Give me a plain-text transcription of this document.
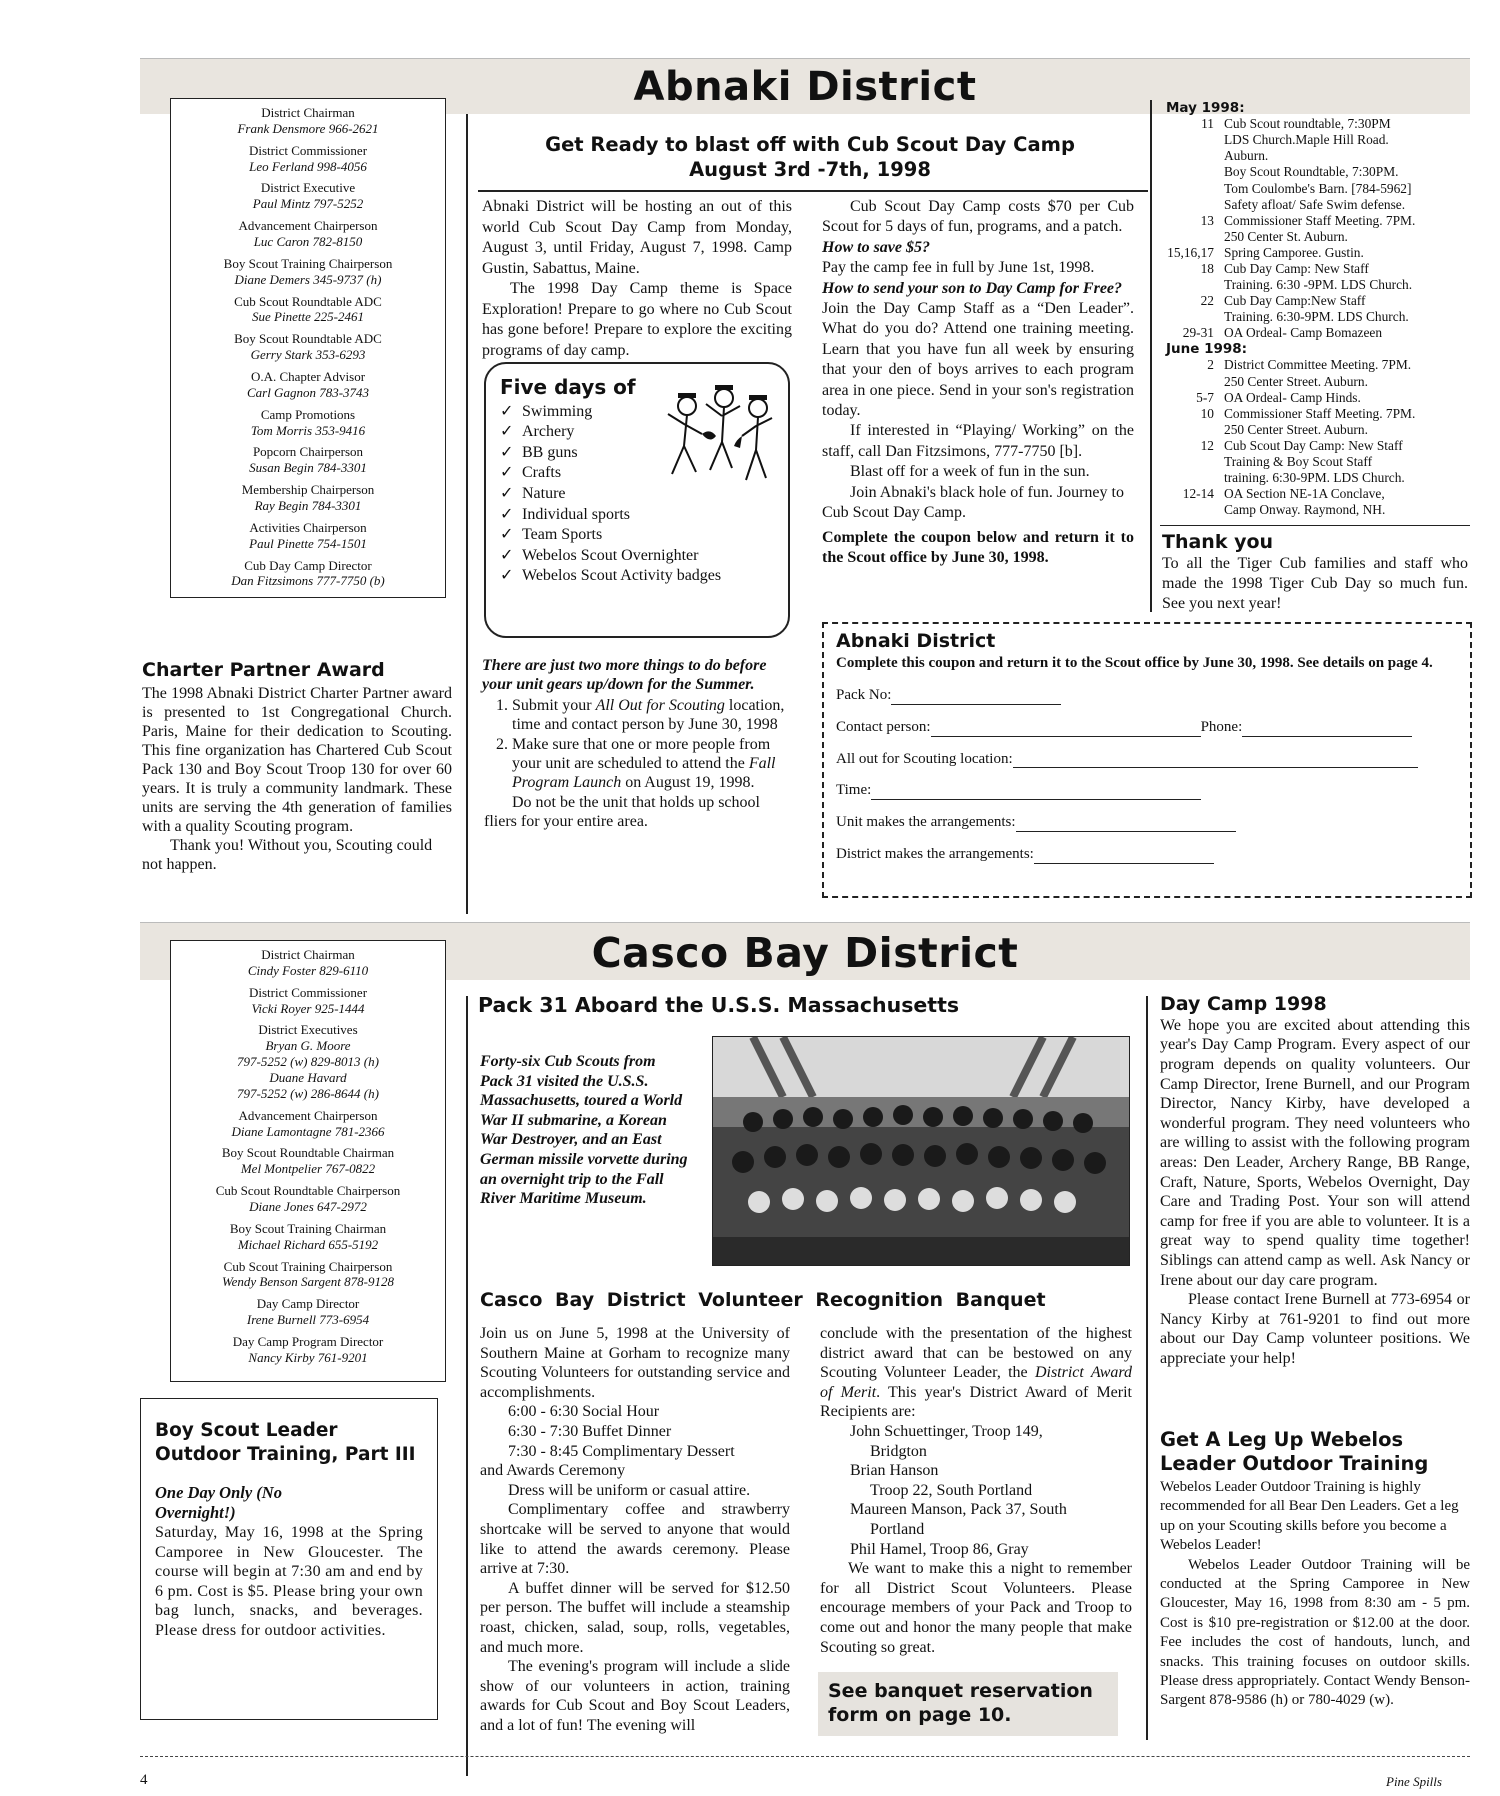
Abnaki District
District Chairman
Frank Densmore 966-2621
District Commissioner
Leo Ferland 998-4056
District Executive
Paul Mintz 797-5252
Advancement Chairperson
Luc Caron 782-8150
Boy Scout Training Chairperson
Diane Demers 345-9737 (h)
Cub Scout Roundtable ADC
Sue Pinette 225-2461
Boy Scout Roundtable ADC
Gerry Stark 353-6293
O.A. Chapter Advisor
Carl Gagnon 783-3743
Camp Promotions
Tom Morris 353-9416
Popcorn Chairperson
Susan Begin 784-3301
Membership Chairperson
Ray Begin 784-3301
Activities Chairperson
Paul Pinette 754-1501
Cub Day Camp Director
Dan Fitzsimons 777-7750 (b)
Charter Partner Award

The 1998 Abnaki District Charter Partner award is presented to 1st Congregational Church. Paris, Maine for their dedication to Scouting. This fine organization has Chartered Cub Scout Pack 130 and Boy Scout Troop 130 for over 60 years. It is truly a community landmark. These units are serving the 4th generation of families with a quality Scouting program.

Thank you! Without you, Scouting could not happen.

Get Ready to blast off with Cub Scout Day Camp
August 3rd -7th, 1998

Abnaki District will be hosting an out of this world Cub Scout Day Camp from Monday, August 3, until Friday, August 7, 1998. Camp Gustin, Sabattus, Maine.

The 1998 Day Camp theme is Space Exploration! Prepare to go where no Cub Scout has gone before! Prepare to explore the exciting programs of day camp.

Five days of
✓ Swimming
✓ Archery
✓ BB guns
✓ Crafts
✓ Nature
✓ Individual sports
✓ Team Sports
✓ Webelos Scout Overnighter
✓ Webelos Scout Activity badges

There are just two more things to do before your unit gears up/down for the Summer.

1. Submit your All Out for Scouting location, time and contact person by June 30, 1998
2. Make sure that one or more people from your unit are scheduled to attend the Fall Program Launch on August 19, 1998.

Do not be the unit that holds up school fliers for your entire area.

Cub Scout Day Camp costs $70 per Cub Scout for 5 days of fun, programs, and a patch.

How to save $5?

Pay the camp fee in full by June 1st, 1998.

How to send your son to Day Camp for Free?

Join the Day Camp Staff as a “Den Leader”. What do you do? Attend one training meeting. Learn that you have fun all week by ensuring that your den of boys arrives to each program area in one piece. Send in your son's registration today.

If interested in “Playing/ Working” on the staff, call Dan Fitzsimons, 777-7750 [b].

Blast off for a week of fun in the sun.

Join Abnaki's black hole of fun. Journey to Cub Scout Day Camp.

Complete the coupon below and return it to the Scout office by June 30, 1998.

May 1998:
11 Cub Scout roundtable, 7:30PM
LDS Church.Maple Hill Road.
Auburn.
Boy Scout Roundtable, 7:30PM.
Tom Coulombe's Barn. [784-5962]
Safety afloat/ Safe Swim defense.
13 Commissioner Staff Meeting. 7PM.
250 Center St. Auburn.
15,16,17 Spring Camporee. Gustin.
18 Cub Day Camp: New Staff
Training. 6:30 -9PM. LDS Church.
22 Cub Day Camp:New Staff
Training. 6:30-9PM. LDS Church.
29-31 OA Ordeal- Camp Bomazeen
June 1998:
2 District Committee Meeting. 7PM.
250 Center Street. Auburn.
5-7 OA Ordeal- Camp Hinds.
10 Commissioner Staff Meeting. 7PM.
250 Center Street. Auburn.
12 Cub Scout Day Camp: New Staff
Training & Boy Scout Staff
training. 6:30-9PM. LDS Church.
12-14 OA Section NE-1A Conclave,
Camp Onway. Raymond, NH.
Thank you

To all the Tiger Cub families and staff who made the 1998 Tiger Cub Day so much fun. See you next year!

Abnaki District
Complete this coupon and return it to the Scout office by June 30, 1998. See details on page 4.
Pack No:
Contact person:	Phone:
All out for Scouting location:
Time:
Unit makes the arrangements:
District makes the arrangements:
Casco Bay District
District Chairman
Cindy Foster 829-6110
District Commissioner
Vicki Royer 925-1444
District Executives
Bryan G. Moore
797-5252 (w) 829-8013 (h)
Duane Havard
797-5252 (w) 286-8644 (h)
Advancement Chairperson
Diane Lamontagne 781-2366
Boy Scout Roundtable Chairman
Mel Montpelier 767-0822
Cub Scout Roundtable Chairperson
Diane Jones 647-2972
Boy Scout Training Chairman
Michael Richard 655-5192
Cub Scout Training Chairperson
Wendy Benson Sargent 878-9128
Day Camp Director
Irene Burnell 773-6954
Day Camp Program Director
Nancy Kirby 761-9201
Boy Scout Leader Outdoor Training, Part III

One Day Only (No Overnight!)

Saturday, May 16, 1998 at the Spring Camporee in New Gloucester. The course will begin at 7:30 am and end by 6 pm. Cost is $5. Please bring your own bag lunch, snacks, and beverages. Please dress for outdoor activities.

Pack 31 Aboard the U.S.S. Massachusetts
Forty-six Cub Scouts from Pack 31 visited the U.S.S. Massachusetts, toured a World War II submarine, a Korean War Destroyer, and an East German missile vorvette during an overnight trip to the Fall River Maritime Museum.
Casco Bay District Volunteer Recognition Banquet

Join us on June 5, 1998 at the University of Southern Maine at Gorham to recognize many Scouting Volunteers for outstanding service and accomplishments.

6:00 - 6:30 Social Hour
6:30 - 7:30 Buffet Dinner
7:30 - 8:45 Complimentary Dessert

and Awards Ceremony

Dress will be uniform or casual attire.

Complimentary coffee and strawberry shortcake will be served to anyone that would like to attend the awards ceremony. Please arrive at 7:30.

A buffet dinner will be served for $12.50 per person. The buffet will include a steamship roast, chicken, salad, soup, rolls, vegetables, and much more.

The evening's program will include a slide show of our volunteers in action, training awards for Cub Scout and Boy Scout Leaders, and a lot of fun! The evening will

conclude with the presentation of the highest district award that can be bestowed on any Scouting Volunteer Leader, the District Award of Merit. This year's District Award of Merit Recipients are:

John Schuettinger, Troop 149,
Bridgton
Brian Hanson
Troop 22, South Portland
Maureen Manson, Pack 37, South
Portland
Phil Hamel, Troop 86, Gray

We want to make this a night to remember for all District Scout Volunteers. Please encourage members of your Pack and Troop to come out and honor the many people that make Scouting so great.

See banquet reservation form on page 10.
Day Camp 1998

We hope you are excited about attending this year's Day Camp Program. Every aspect of our program depends on quality volunteers. Our Camp Director, Irene Burnell, and our Program Director, Nancy Kirby, have developed a wonderful program. They need volunteers who are willing to assist with the following program areas: Den Leader, Archery Range, BB Range, Craft, Nature, Sports, Webelos Overnight, Day Care and Trading Post. Your son will attend camp for free if you are able to volunteer. It is a great way to spend quality time together! Siblings can attend camp as well. Ask Nancy or Irene about our day care program.

Please contact Irene Burnell at 773-6954 or Nancy Kirby at 761-9201 to find out more about our Day Camp volunteer positions. We appreciate your help!

Get A Leg Up Webelos Leader Outdoor Training

Webelos Leader Outdoor Training is highly recommended for all Bear Den Leaders. Get a leg up on your Scouting skills before you become a Webelos Leader!

Webelos Leader Outdoor Training will be conducted at the Spring Camporee in New Gloucester, May 16, 1998 from 8:30 am - 5 pm. Cost is $10 pre-registration or $12.00 at the door. Fee includes the cost of handouts, lunch, and snacks. This training focuses on outdoor skills. Please dress appropriately. Contact Wendy Benson-Sargent 878-9586 (h) or 780-4029 (w).

4	Pine Spills
